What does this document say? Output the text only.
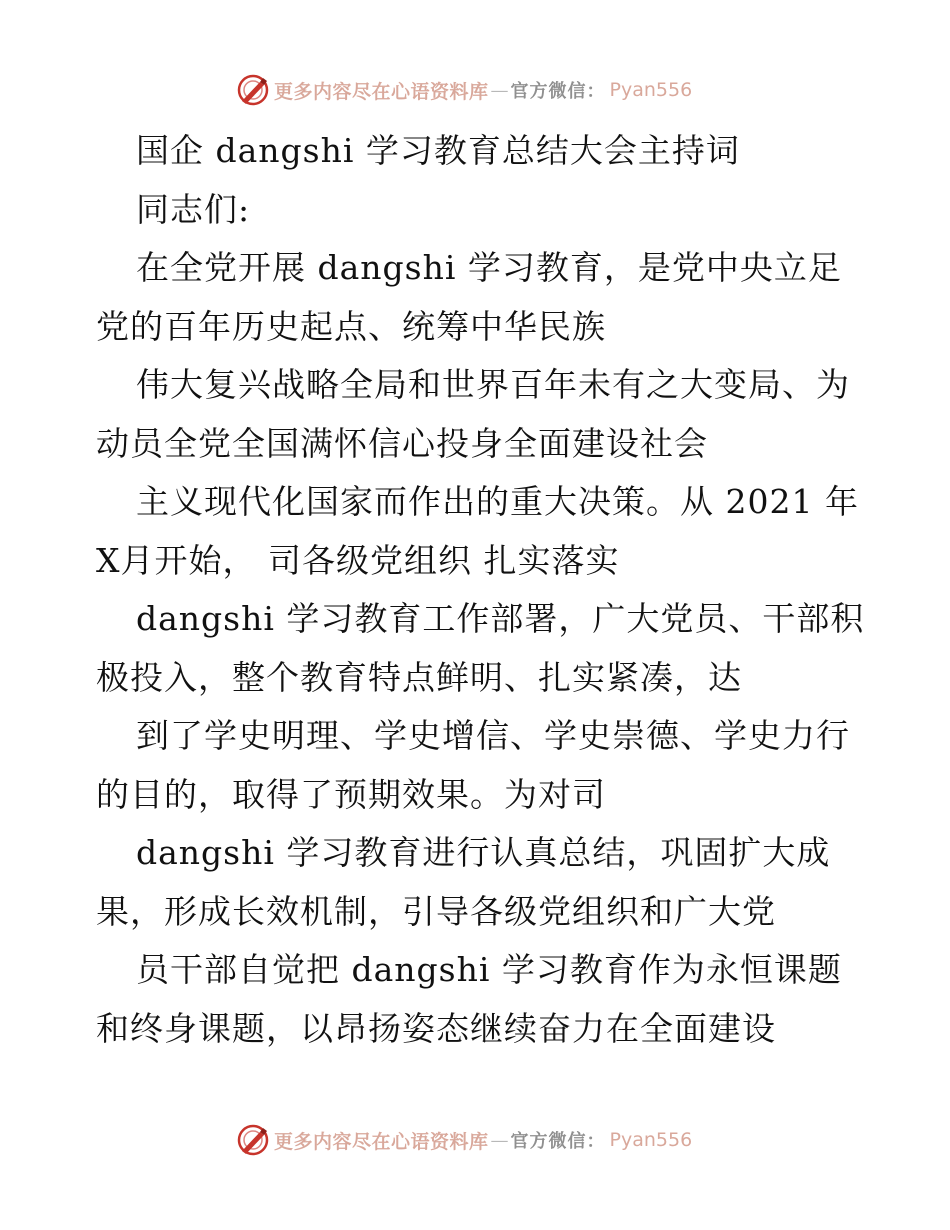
更多内容尽在心语资料库 — 官方微信： Pyan556
国企 dangshi 学习教育总结大会主持词
同志们:
在全党开展 dangshi 学习教育，是党中央立足
党的百年历史起点、统筹中华民族
伟大复兴战略全局和世界百年未有之大变局、为
动员全党全国满怀信心投身全面建设社会
主义现代化国家而作出的重大决策。从 2021 年
X月开始， 司各级党组织 扎实落实
dangshi 学习教育工作部署，广大党员、干部积
极投入，整个教育特点鲜明、扎实紧凑，达
到了学史明理、学史增信、学史崇德、学史力行
的目的，取得了预期效果。为对司
dangshi 学习教育进行认真总结，巩固扩大成
果，形成长效机制，引导各级党组织和广大党
员干部自觉把 dangshi 学习教育作为永恒课题
和终身课题，以昂扬姿态继续奋力在全面建设
更多内容尽在心语资料库 — 官方微信： Pyan556
